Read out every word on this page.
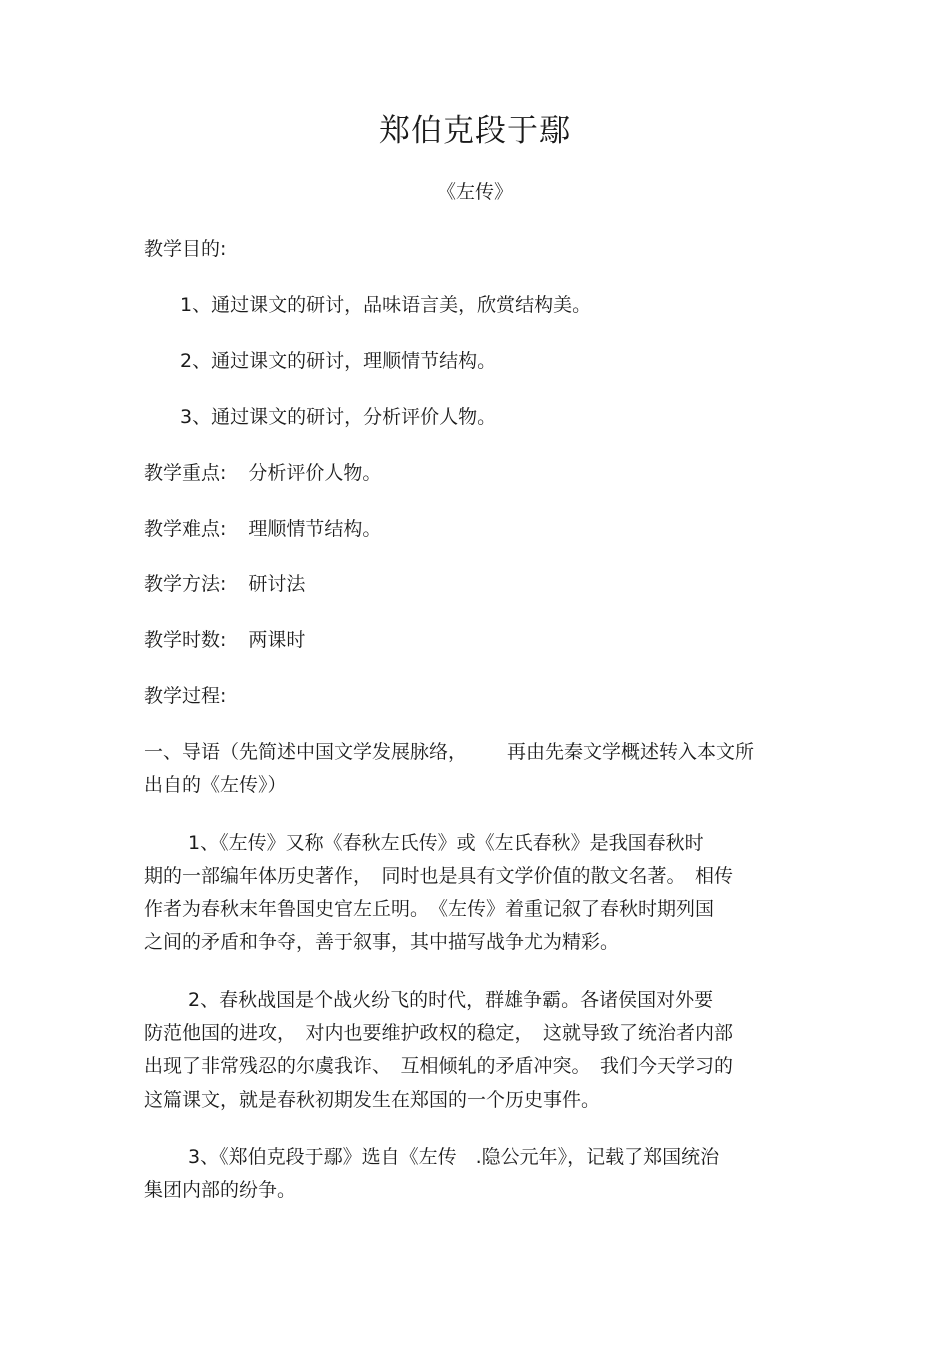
郑伯克段于鄢
《左传》
教学目的:
1、通过课文的研讨，品味语言美，欣赏结构美。
2、通过课文的研讨，理顺情节结构。
3、通过课文的研讨，分析评价人物。
教学重点: 分析评价人物。
教学难点: 理顺情节结构。
教学方法: 研讨法
教学时数: 两课时
教学过程:
一、导语（先简述中国文学发展脉络， 再由先秦文学概述转入本文所
出自的《左传》）
1、《左传》又称《春秋左氏传》或《左氏春秋》是我国春秋时
期的一部编年体历史著作，　同时也是具有文学价值的散文名著。　相传
作者为春秋末年鲁国史官左丘明。　《左传》着重记叙了春秋时期列国
之间的矛盾和争夺，善于叙事，其中描写战争尤为精彩。
2、春秋战国是个战火纷飞的时代，群雄争霸。各诸侯国对外要
防范他国的进攻，　对内也要维护政权的稳定，　这就导致了统治者内部
出现了非常残忍的尔虞我诈、　互相倾轧的矛盾冲突。　我们今天学习的
这篇课文，就是春秋初期发生在郑国的一个历史事件。
3、《郑伯克段于鄢》选自《左传　.隐公元年》，记载了郑国统治
集团内部的纷争。
